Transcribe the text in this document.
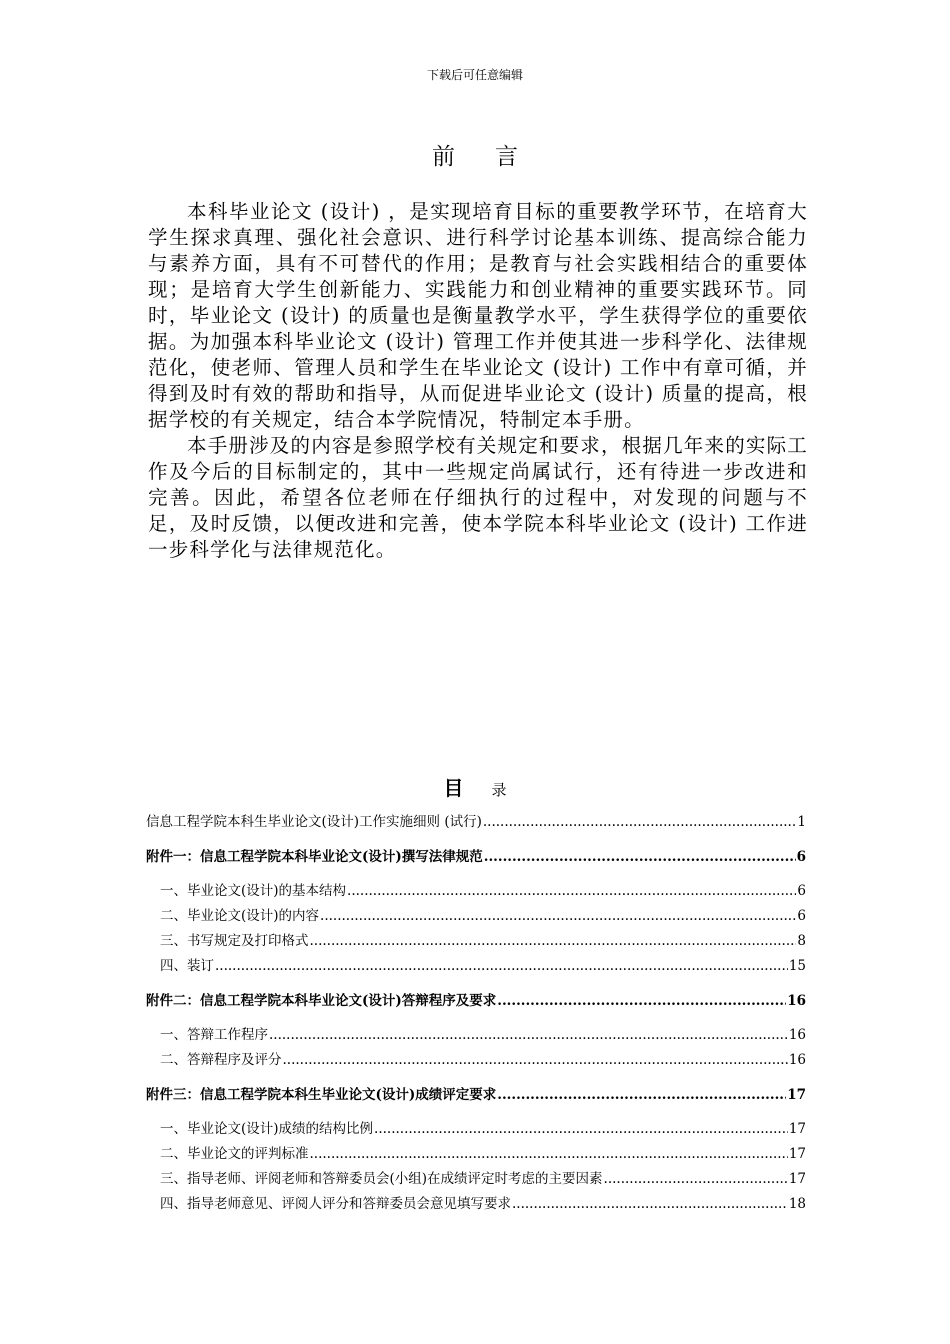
下载后可任意编辑
前言

本科毕业论文 (设计) ，是实现培育目标的重要教学环节，在培育大学生探求真理、强化社会意识、进行科学讨论基本训练、提高综合能力与素养方面，具有不可替代的作用；是教育与社会实践相结合的重要体现；是培育大学生创新能力、实践能力和创业精神的重要实践环节。同时，毕业论文 (设计) 的质量也是衡量教学水平，学生获得学位的重要依据。为加强本科毕业论文 (设计) 管理工作并使其进一步科学化、法律规范化，使老师、管理人员和学生在毕业论文 (设计) 工作中有章可循，并得到及时有效的帮助和指导，从而促进毕业论文 (设计) 质量的提高，根据学校的有关规定，结合本学院情况，特制定本手册。

本手册涉及的内容是参照学校有关规定和要求，根据几年来的实际工作及今后的目标制定的，其中一些规定尚属试行，还有待进一步改进和完善。因此，希望各位老师在仔细执行的过程中，对发现的问题与不足，及时反馈，以便改进和完善，使本学院本科毕业论文 (设计) 工作进一步科学化与法律规范化。

目 录
信息工程学院本科生毕业论文(设计)工作实施细则 (试行) .....	1
附件一：信息工程学院本科毕业论文(设计)撰写法律规范 .....	6
一、毕业论文(设计)的基本结构 .....	6
二、毕业论文(设计)的内容 .....	6
三、书写规定及打印格式 .....	8
四、装订 .....	15
附件二：信息工程学院本科毕业论文(设计)答辩程序及要求 .....	16
一、答辩工作程序 .....	16
二、答辩程序及评分 .....	16
附件三：信息工程学院本科生毕业论文(设计)成绩评定要求 .....	17
一、毕业论文(设计)成绩的结构比例 .....	17
二、毕业论文的评判标准 .....	17
三、指导老师、评阅老师和答辩委员会(小组)在成绩评定时考虑的主要因素 .....	17
四、指导老师意见、评阅人评分和答辩委员会意见填写要求 .....	18
